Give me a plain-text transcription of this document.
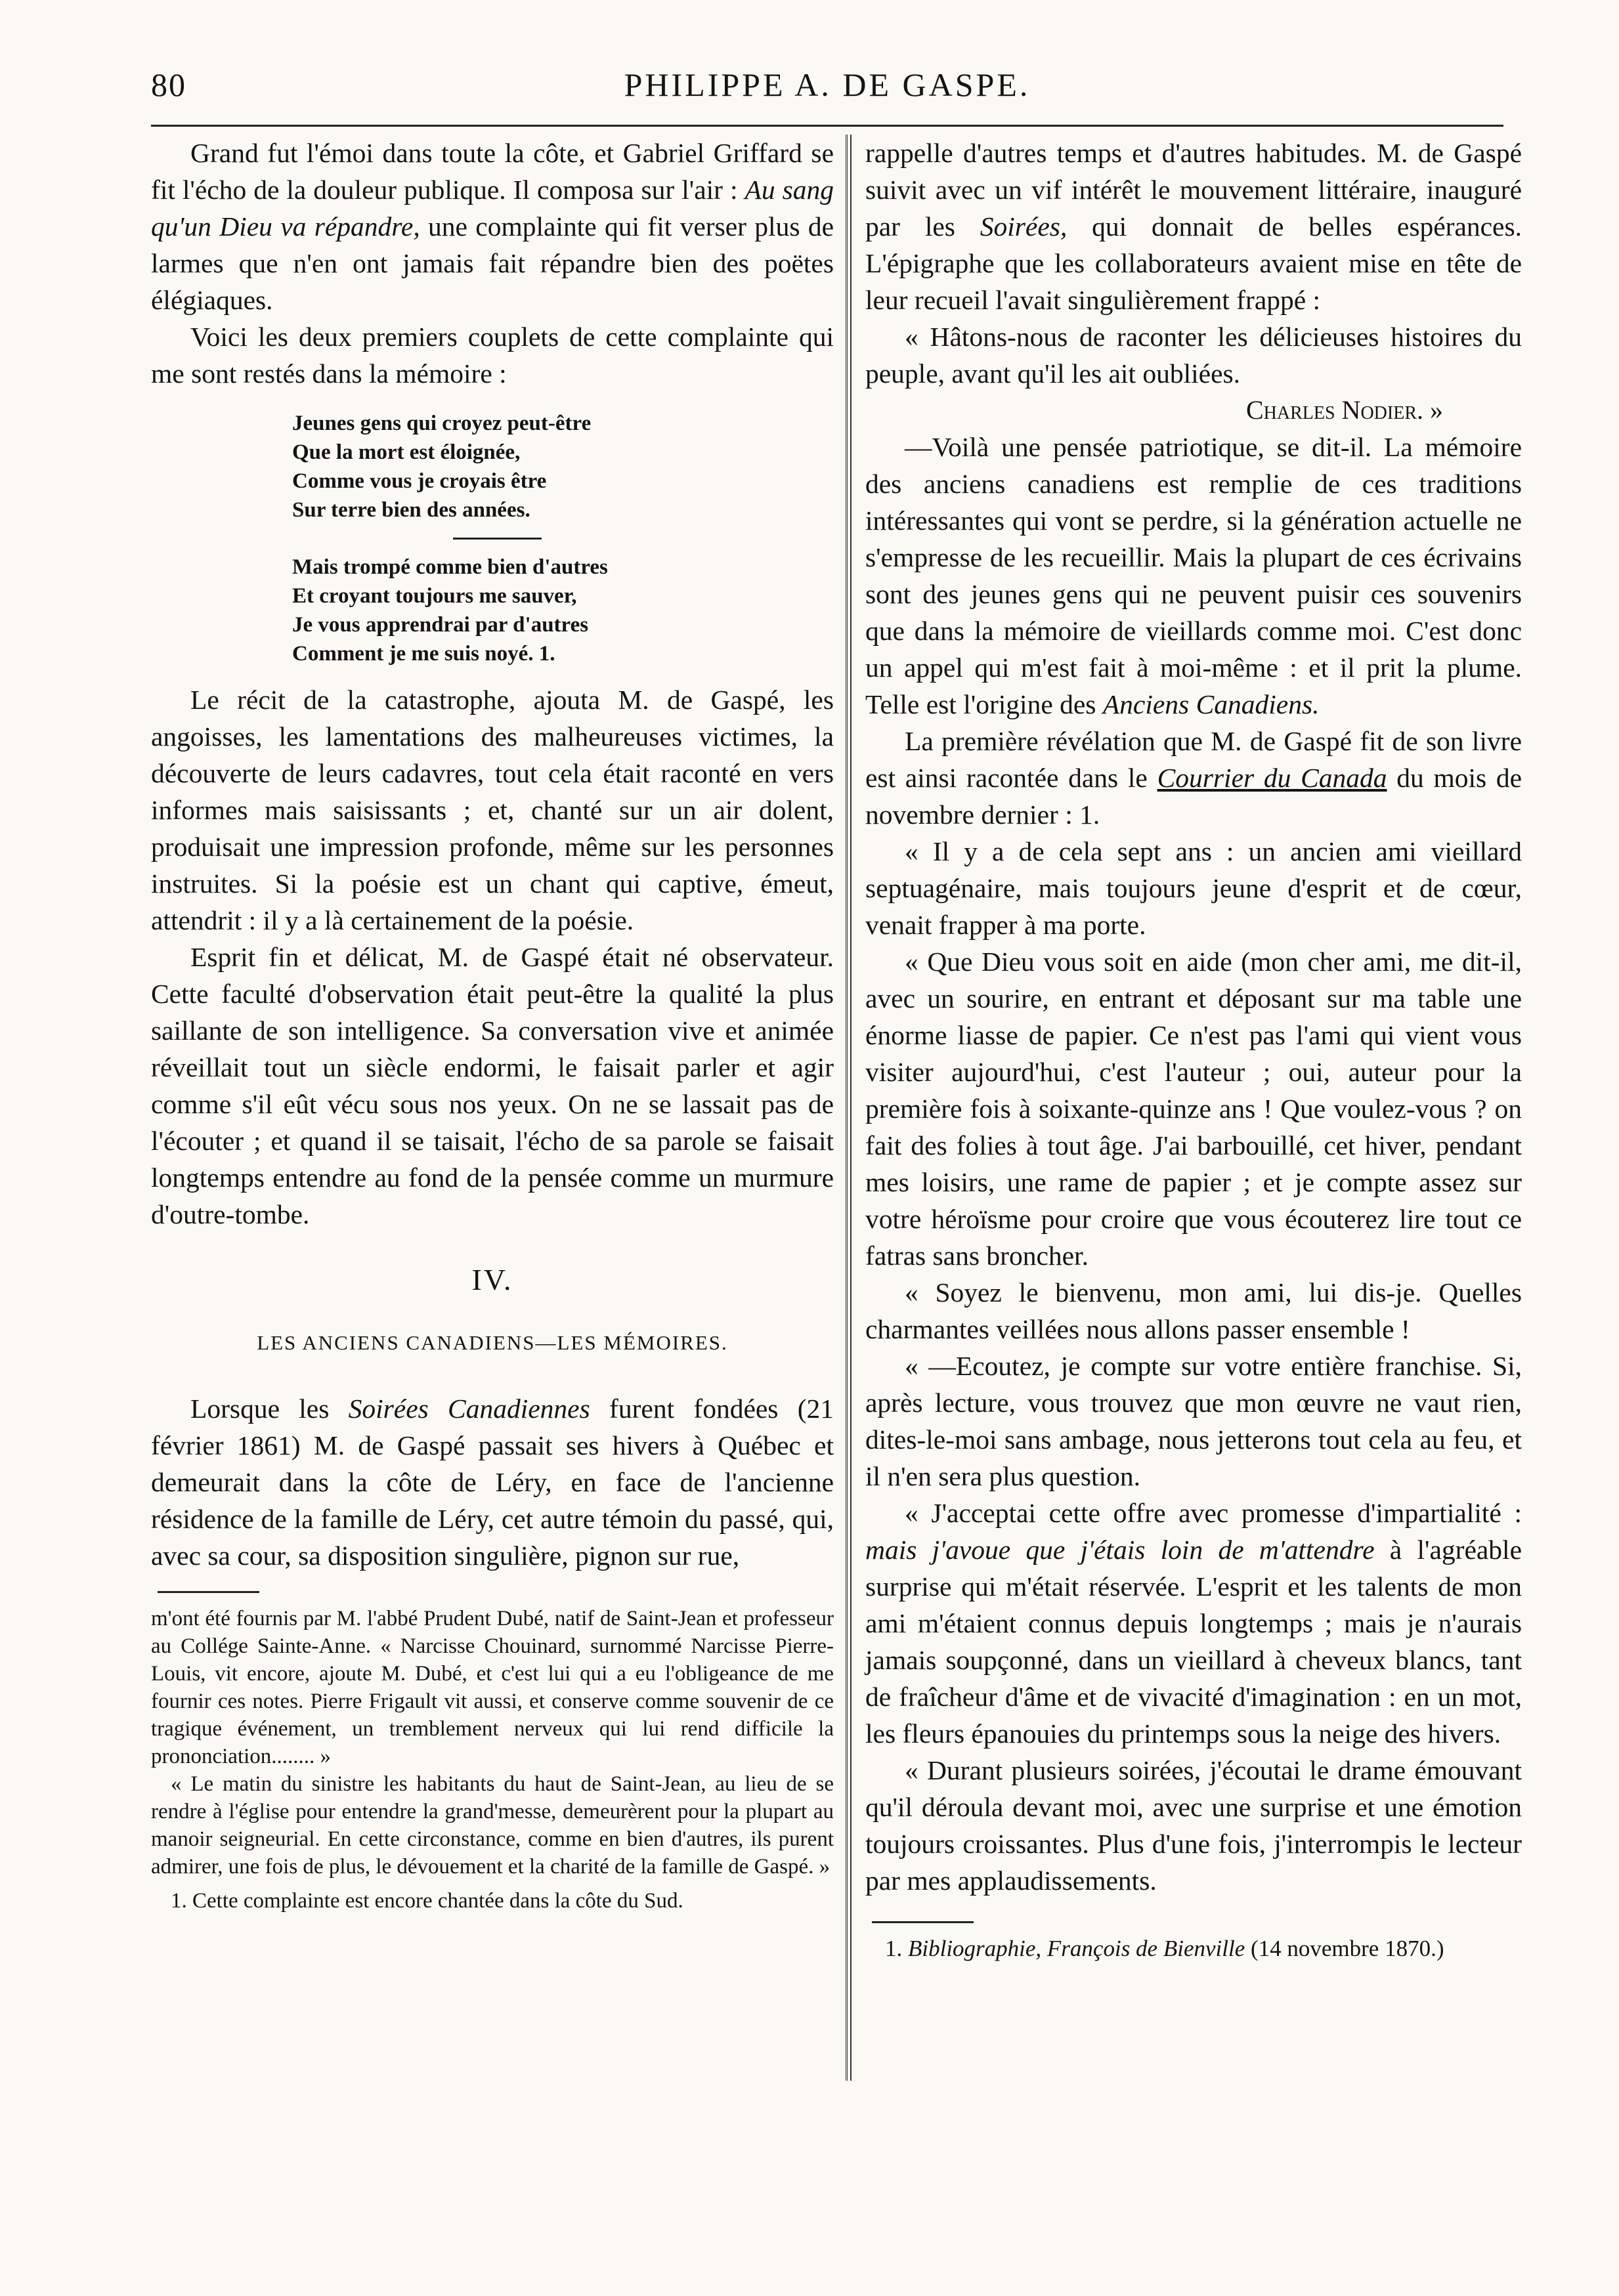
80	PHILIPPE A. DE GASPE.

Grand fut l'émoi dans toute la côte, et Gabriel Griffard se fit l'écho de la douleur publique. Il composa sur l'air : Au sang qu'un Dieu va répandre, une complainte qui fit verser plus de larmes que n'en ont jamais fait répandre bien des poëtes élégiaques.

Voici les deux premiers couplets de cette complainte qui me sont restés dans la mémoire :

Jeunes gens qui croyez peut-être
Que la mort est éloignée,
Comme vous je croyais être
Sur terre bien des années.
Mais trompé comme bien d'autres
Et croyant toujours me sauver,
Je vous apprendrai par d'autres
Comment je me suis noyé. 1.

Le récit de la catastrophe, ajouta M. de Gaspé, les angoisses, les lamentations des malheureuses victimes, la découverte de leurs cadavres, tout cela était raconté en vers informes mais saisissants ; et, chanté sur un air dolent, produisait une impression profonde, même sur les personnes instruites. Si la poésie est un chant qui captive, émeut, attendrit : il y a là certainement de la poésie.

Esprit fin et délicat, M. de Gaspé était né observateur. Cette faculté d'observation était peut-être la qualité la plus saillante de son intelligence. Sa conversation vive et animée réveillait tout un siècle endormi, le faisait parler et agir comme s'il eût vécu sous nos yeux. On ne se lassait pas de l'écouter ; et quand il se taisait, l'écho de sa parole se faisait longtemps entendre au fond de la pensée comme un murmure d'outre-tombe.

IV.
LES ANCIENS CANADIENS—LES MÉMOIRES.

Lorsque les Soirées Canadiennes furent fondées (21 février 1861) M. de Gaspé passait ses hivers à Québec et demeurait dans la côte de Léry, en face de l'ancienne résidence de la famille de Léry, cet autre témoin du passé, qui, avec sa cour, sa disposition singulière, pignon sur rue,

m'ont été fournis par M. l'abbé Prudent Dubé, natif de Saint-Jean et professeur au Collége Sainte-Anne. « Narcisse Chouinard, surnommé Narcisse Pierre-Louis, vit encore, ajoute M. Dubé, et c'est lui qui a eu l'obligeance de me fournir ces notes. Pierre Frigault vit aussi, et conserve comme souvenir de ce tragique événement, un tremblement nerveux qui lui rend difficile la prononciation........ »

« Le matin du sinistre les habitants du haut de Saint-Jean, au lieu de se rendre à l'église pour entendre la grand'messe, demeurèrent pour la plupart au manoir seigneurial. En cette circonstance, comme en bien d'autres, ils purent admirer, une fois de plus, le dévouement et la charité de la famille de Gaspé. »

1. Cette complainte est encore chantée dans la côte du Sud.

rappelle d'autres temps et d'autres habitudes. M. de Gaspé suivit avec un vif intérêt le mouvement littéraire, inauguré par les Soirées, qui donnait de belles espérances. L'épigraphe que les collaborateurs avaient mise en tête de leur recueil l'avait singulièrement frappé :

« Hâtons-nous de raconter les délicieuses histoires du peuple, avant qu'il les ait oubliées.

Charles Nodier. »

—Voilà une pensée patriotique, se dit-il. La mémoire des anciens canadiens est remplie de ces traditions intéressantes qui vont se perdre, si la génération actuelle ne s'empresse de les recueillir. Mais la plupart de ces écrivains sont des jeunes gens qui ne peuvent puisir ces souvenirs que dans la mémoire de vieillards comme moi. C'est donc un appel qui m'est fait à moi-même : et il prit la plume. Telle est l'origine des Anciens Canadiens.

La première révélation que M. de Gaspé fit de son livre est ainsi racontée dans le Courrier du Canada du mois de novembre dernier : 1.

« Il y a de cela sept ans : un ancien ami vieillard septuagénaire, mais toujours jeune d'esprit et de cœur, venait frapper à ma porte.

« Que Dieu vous soit en aide (mon cher ami, me dit-il, avec un sourire, en entrant et déposant sur ma table une énorme liasse de papier. Ce n'est pas l'ami qui vient vous visiter aujourd'hui, c'est l'auteur ; oui, auteur pour la première fois à soixante-quinze ans ! Que voulez-vous ? on fait des folies à tout âge. J'ai barbouillé, cet hiver, pendant mes loisirs, une rame de papier ; et je compte assez sur votre héroïsme pour croire que vous écouterez lire tout ce fatras sans broncher.

« Soyez le bienvenu, mon ami, lui dis-je. Quelles charmantes veillées nous allons passer ensemble !

« —Ecoutez, je compte sur votre entière franchise. Si, après lecture, vous trouvez que mon œuvre ne vaut rien, dites-le-moi sans ambage, nous jetterons tout cela au feu, et il n'en sera plus question.

« J'acceptai cette offre avec promesse d'impartialité : mais j'avoue que j'étais loin de m'attendre à l'agréable surprise qui m'était réservée. L'esprit et les talents de mon ami m'étaient connus depuis longtemps ; mais je n'aurais jamais soupçonné, dans un vieillard à cheveux blancs, tant de fraîcheur d'âme et de vivacité d'imagination : en un mot, les fleurs épanouies du printemps sous la neige des hivers.

« Durant plusieurs soirées, j'écoutai le drame émouvant qu'il déroula devant moi, avec une surprise et une émotion toujours croissantes. Plus d'une fois, j'interrompis le lecteur par mes applaudissements.

1. Bibliographie, François de Bienville (14 novembre 1870.)
